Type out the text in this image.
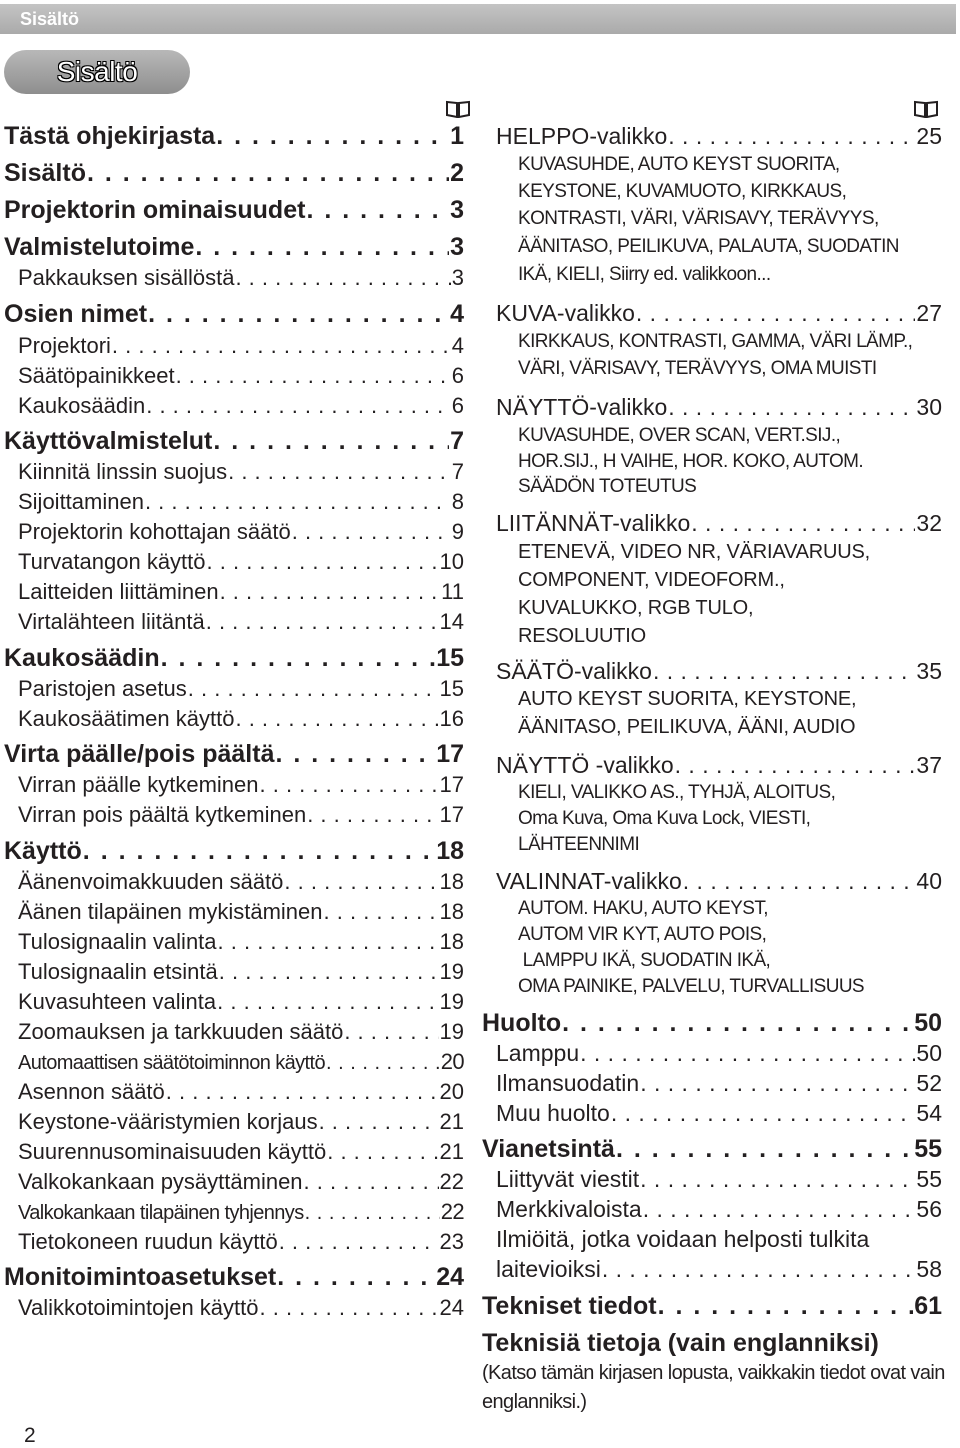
Sisältö
Sisältö
Tästä ohjekirjasta . . .	1
Sisältö . . .	2
Projektorin ominaisuudet . . .	3
Valmistelutoime . . .	3
Pakkauksen sisällöstä . . .	3
Osien nimet . . .	4
Projektori . . .	4
Säätöpainikkeet . . .	6
Kaukosäädin . . .	6
Käyttövalmistelut . . .	7
Kiinnitä linssin suojus . . .	7
Sijoittaminen . . .	8
Projektorin kohottajan säätö . . .	9
Turvatangon käyttö . . .	10
Laitteiden liittäminen . . .	11
Virtalähteen liitäntä . . .	14
Kaukosäädin . . .	15
Paristojen asetus . . .	15
Kaukosäätimen käyttö . . .	16
Virta päälle/pois päältä . . .	17
Virran päälle kytkeminen . . .	17
Virran pois päältä kytkeminen . . .	17
Käyttö . . .	18
Äänenvoimakkuuden säätö . . .	18
Äänen tilapäinen mykistäminen . . .	18
Tulosignaalin valinta . . .	18
Tulosignaalin etsintä . . .	19
Kuvasuhteen valinta . . .	19
Zoomauksen ja tarkkuuden säätö . . .	19
Automaattisen säätötoiminnon käyttö . . .	20
Asennon säätö . . .	20
Keystone-vääristymien korjaus . . .	21
Suurennusominaisuuden käyttö . . .	21
Valkokankaan pysäyttäminen . . .	22
Valkokankaan tilapäinen tyhjennys . . .	22
Tietokoneen ruudun käyttö . . .	23
Monitoimintoasetukset . . .	24
Valikkotoimintojen käyttö . . .	24
HELPPO-valikko . . .	25
KUVASUHDE, AUTO KEYST SUORITA,
KEYSTONE, KUVAMUOTO, KIRKKAUS,
KONTRASTI, VÄRI, VÄRISAVY, TERÄVYYS,
ÄÄNITASO, PEILIKUVA, PALAUTA, SUODATIN
IKÄ, KIELI, Siirry ed. valikkoon...
KUVA-valikko . . .	27
KIRKKAUS, KONTRASTI, GAMMA, VÄRI LÄMP.,
VÄRI, VÄRISAVY, TERÄVYYS, OMA MUISTI
NÄYTTÖ-valikko . . .	30
KUVASUHDE, OVER SCAN, VERT.SIJ.,
HOR.SIJ., H VAIHE, HOR. KOKO, AUTOM.
SÄÄDÖN TOTEUTUS
LIITÄNNÄT-valikko . . .	32
ETENEVÄ, VIDEO NR, VÄRIAVARUUS,
COMPONENT, VIDEOFORM.,
KUVALUKKO, RGB TULO,
RESOLUUTIO
SÄÄTÖ-valikko . . .	35
AUTO KEYST SUORITA, KEYSTONE,
ÄÄNITASO, PEILIKUVA, ÄÄNI, AUDIO
NÄYTTÖ -valikko . . .	37
KIELI, VALIKKO AS., TYHJÄ, ALOITUS,
Oma Kuva, Oma Kuva Lock, VIESTI,
LÄHTEENNIMI
VALINNAT-valikko . . .	40
AUTOM. HAKU, AUTO KEYST,
AUTOM VIR KYT, AUTO POIS,
LAMPPU IKÄ, SUODATIN IKÄ,
OMA PAINIKE, PALVELU, TURVALLISUUS
Huolto . . .	50
Lamppu . . .	50
Ilmansuodatin . . .	52
Muu huolto . . .	54
Vianetsintä . . .	55
Liittyvät viestit . . .	55
Merkkivaloista . . .	56
Ilmiöitä, jotka voidaan helposti tulkita
laitevioiksi . . .	58
Tekniset tiedot . . .	61
Teknisiä tietoja (vain englanniksi)
(Katso tämän kirjasen lopusta, vaikkakin tiedot ovat vain
englanniksi.)
2
